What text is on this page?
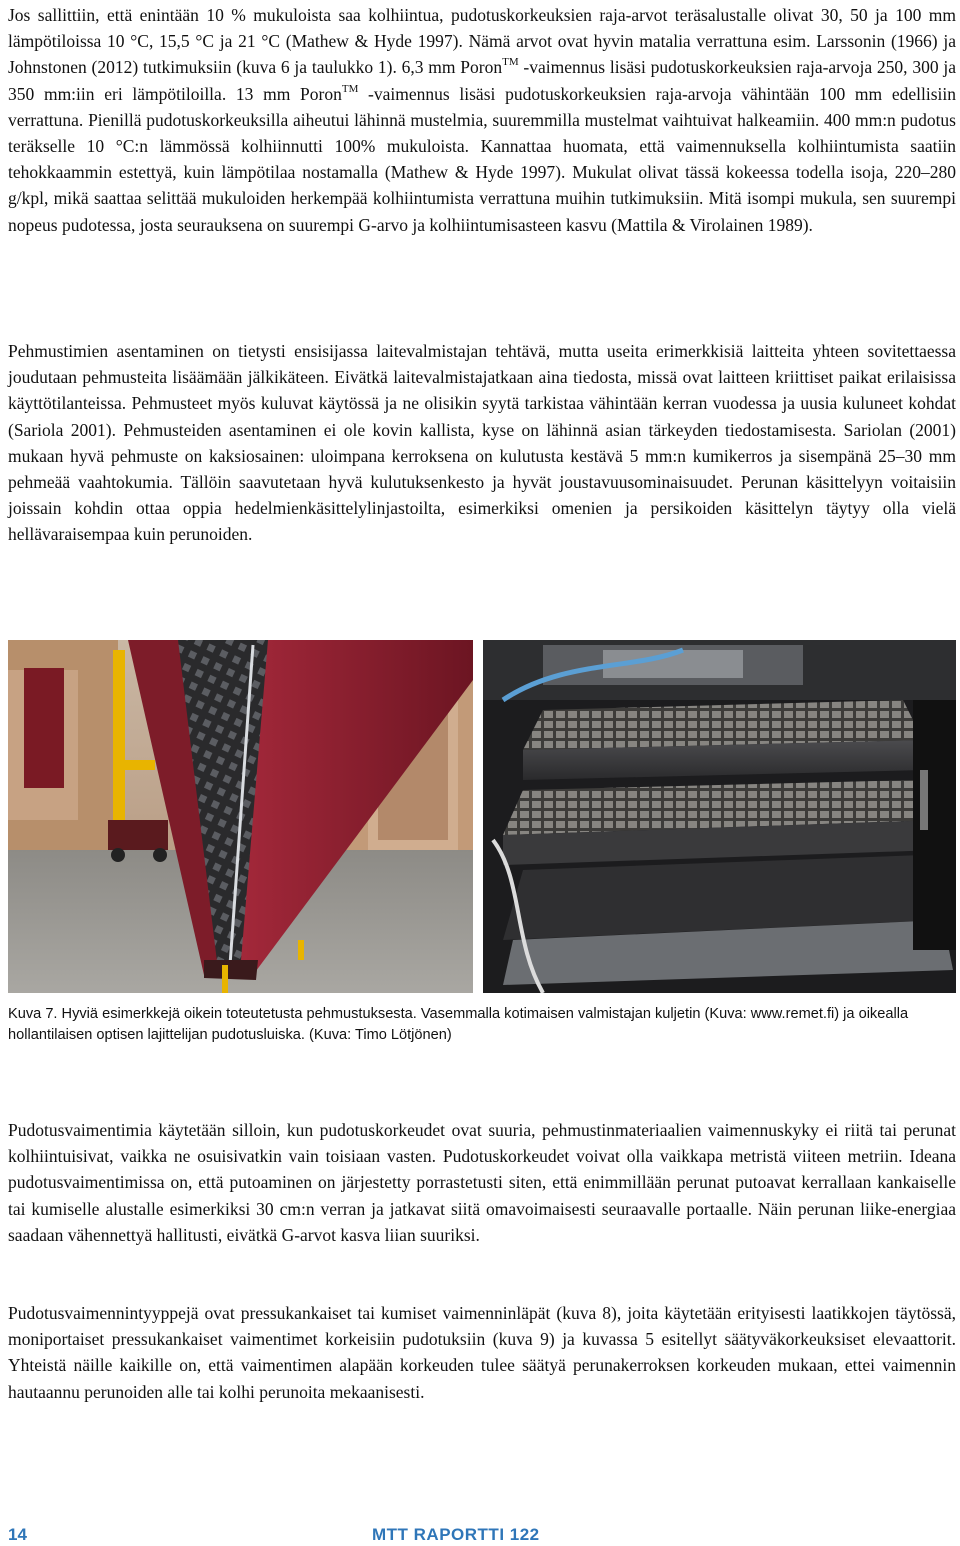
Jos sallittiin, että enintään 10 % mukuloista saa kolhiintua, pudotuskorkeuksien raja-arvot teräsalustalle olivat 30, 50 ja 100 mm lämpötiloissa 10 °C, 15,5 °C ja 21 °C (Mathew & Hyde 1997). Nämä arvot ovat hyvin matalia verrattuna esim. Larssonin (1966) ja Johnstonen (2012) tutkimuksiin (kuva 6 ja taulukko 1). 6,3 mm Poron™ -vaimennus lisäsi pudotuskorkeuksien raja-arvoja 250, 300 ja 350 mm:iin eri lämpötiloilla. 13 mm Poron™ -vaimennus lisäsi pudotuskorkeuksien raja-arvoja vähintään 100 mm edellisiin verrattuna. Pienillä pudotuskorkeuksilla aiheutui lähinnä mustelmia, suuremmilla mustelmat vaihtuivat halkeamiin. 400 mm:n pudotus teräkselle 10 °C:n lämmössä kolhiinnutti 100% mukuloista. Kannattaa huomata, että vaimennuksella kolhiintumista saatiin tehokkaammin estettyä, kuin lämpötilaa nostamalla (Mathew & Hyde 1997). Mukulat olivat tässä kokeessa todella isoja, 220–280 g/kpl, mikä saattaa selittää mukuloiden herkempää kolhiintumista verrattuna muihin tutkimuksiin. Mitä isompi mukula, sen suurempi nopeus pudotessa, josta seurauksena on suurempi G-arvo ja kolhiintumisasteen kasvu (Mattila & Virolainen 1989).

Pehmustimien asentaminen on tietysti ensisijassa laitevalmistajan tehtävä, mutta useita erimerkkisiä laitteita yhteen sovitettaessa joudutaan pehmusteita lisäämään jälkikäteen. Eivätkä laitevalmistajatkaan aina tiedosta, missä ovat laitteen kriittiset paikat erilaisissa käyttötilanteissa. Pehmusteet myös kuluvat käytössä ja ne olisikin syytä tarkistaa vähintään kerran vuodessa ja uusia kuluneet kohdat (Sariola 2001). Pehmusteiden asentaminen ei ole kovin kallista, kyse on lähinnä asian tärkeyden tiedostamisesta. Sariolan (2001) mukaan hyvä pehmuste on kaksiosainen: uloimpana kerroksena on kulutusta kestävä 5 mm:n kumikerros ja sisempänä 25–30 mm pehmeää vaahtokumia. Tällöin saavutetaan hyvä kulutuksenkesto ja hyvät joustavuusominaisuudet. Perunan käsittelyyn voitaisiin joissain kohdin ottaa oppia hedelmienkäsittelylinjastoilta, esimerkiksi omenien ja persikoiden käsittelyn täytyy olla vielä hellävaraisempaa kuin perunoiden.

Kuva 7. Hyviä esimerkkejä oikein toteutetusta pehmustuksesta. Vasemmalla kotimaisen valmistajan kuljetin (Kuva: www.remet.fi) ja oikealla hollantilaisen optisen lajittelijan pudotusluiska. (Kuva: Timo Lötjönen)

Pudotusvaimentimia käytetään silloin, kun pudotuskorkeudet ovat suuria, pehmustinmateriaalien vaimennuskyky ei riitä tai perunat kolhiintuisivat, vaikka ne osuisivatkin vain toisiaan vasten. Pudotuskorkeudet voivat olla vaikkapa metristä viiteen metriin. Ideana pudotusvaimentimissa on, että putoaminen on järjestetty porrastetusti siten, että enimmillään perunat putoavat kerrallaan kankaiselle tai kumiselle alustalle esimerkiksi 30 cm:n verran ja jatkavat siitä omavoimaisesti seuraavalle portaalle. Näin perunan liike-energiaa saadaan vähennettyä hallitusti, eivätkä G-arvot kasva liian suuriksi.

Pudotusvaimennintyyppejä ovat pressukankaiset tai kumiset vaimenninläpät (kuva 8), joita käytetään erityisesti laatikkojen täytössä, moniportaiset pressukankaiset vaimentimet korkeisiin pudotuksiin (kuva 9) ja kuvassa 5 esitellyt säätyväkorkeuksiset elevaattorit. Yhteistä näille kaikille on, että vaimentimen alapään korkeuden tulee säätyä perunakerroksen korkeuden mukaan, ettei vaimennin hautaannu perunoiden alle tai kolhi perunoita mekaanisesti.

14	MTT RAPORTTI 122
